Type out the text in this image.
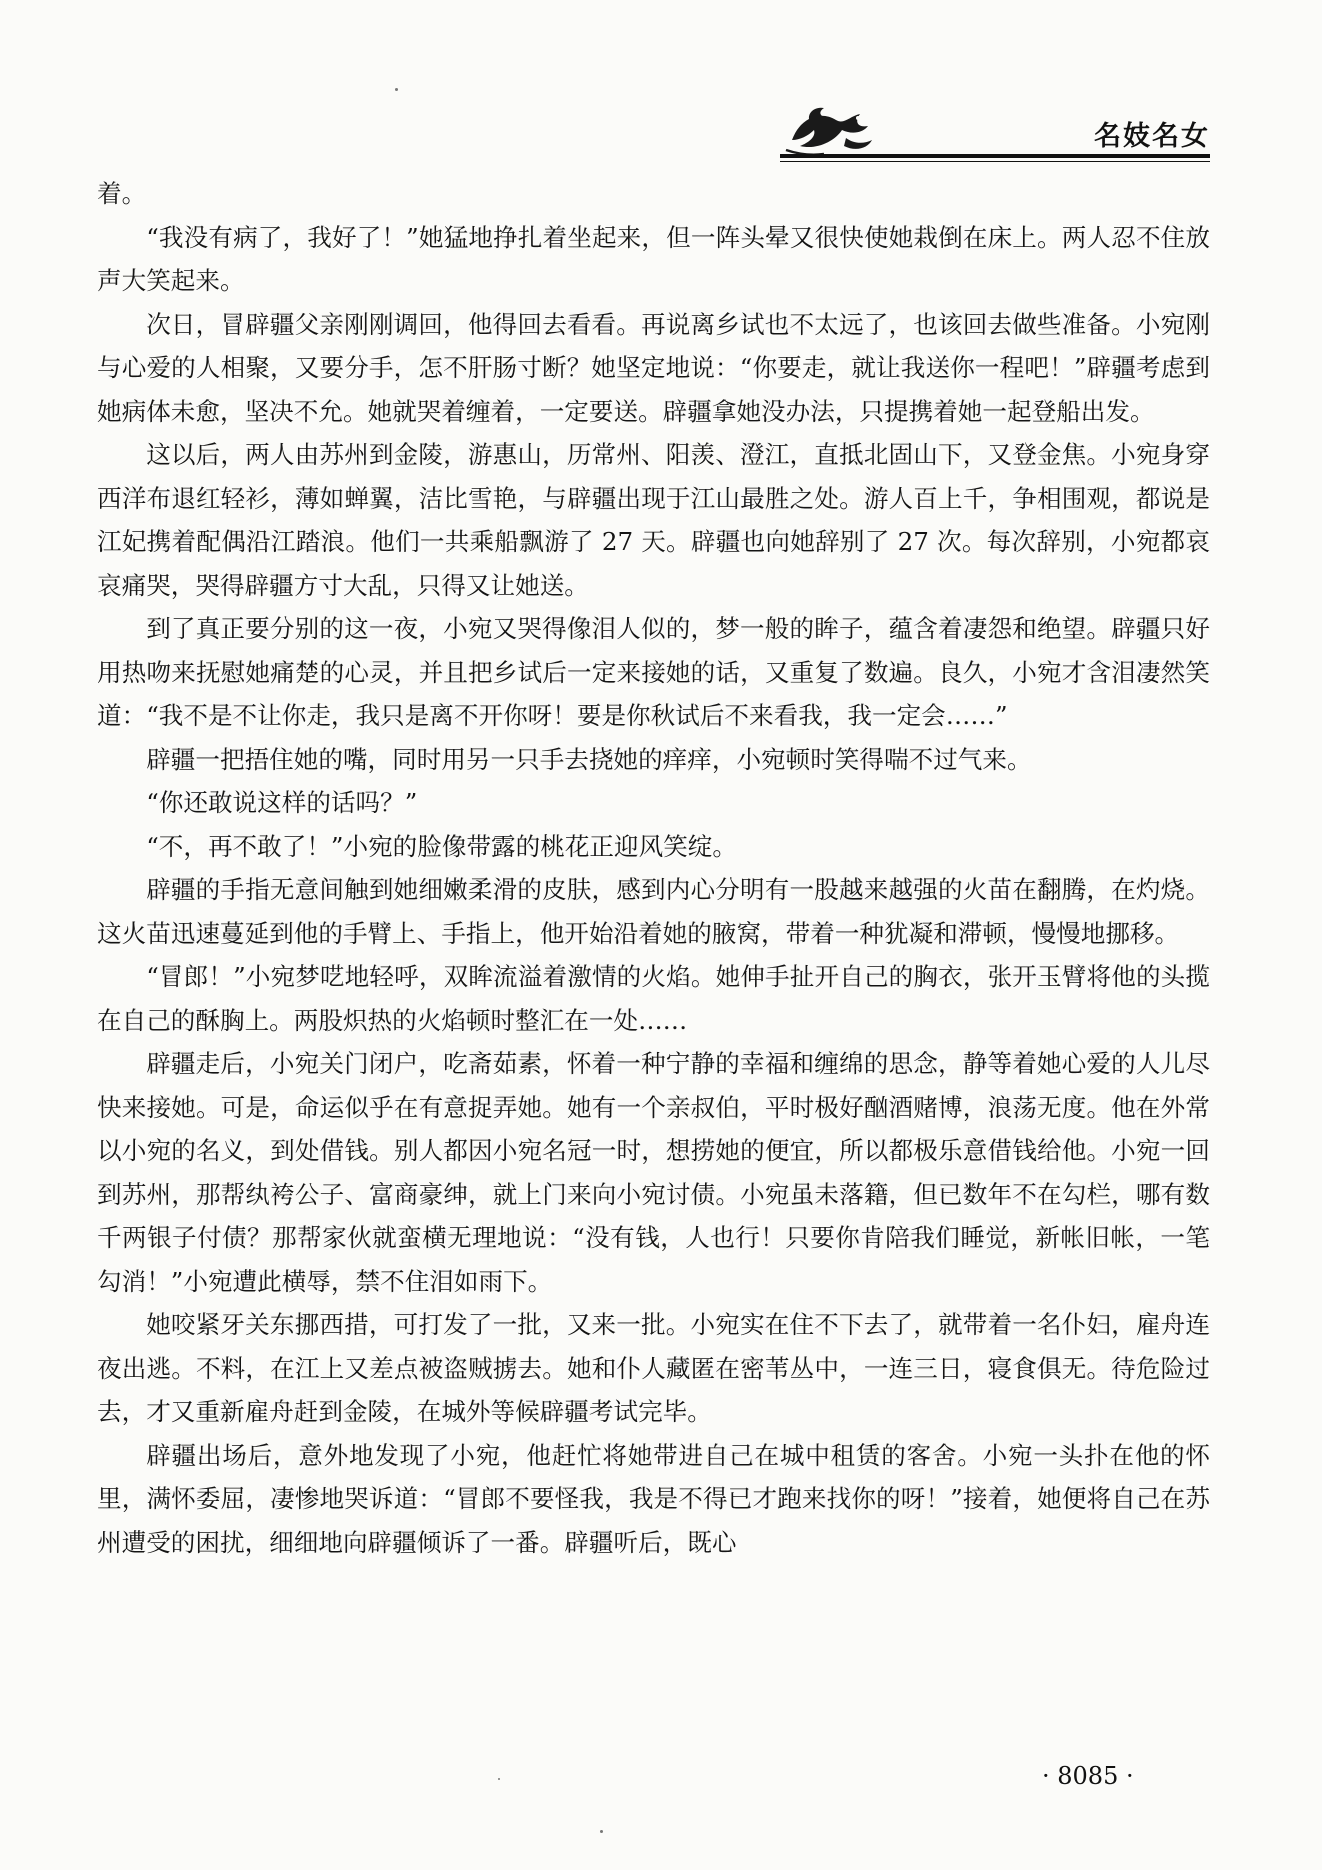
名妓名女

着。

“我没有病了，我好了！”她猛地挣扎着坐起来，但一阵头晕又很快使她栽倒在床上。两人忍不住放声大笑起来。

次日，冒辟疆父亲刚刚调回，他得回去看看。再说离乡试也不太远了，也该回去做些准备。小宛刚与心爱的人相聚，又要分手，怎不肝肠寸断？她坚定地说：“你要走，就让我送你一程吧！”辟疆考虑到她病体未愈，坚决不允。她就哭着缠着，一定要送。辟疆拿她没办法，只提携着她一起登船出发。

这以后，两人由苏州到金陵，游惠山，历常州、阳羡、澄江，直抵北固山下，又登金焦。小宛身穿西洋布退红轻衫，薄如蝉翼，洁比雪艳，与辟疆出现于江山最胜之处。游人百上千，争相围观，都说是江妃携着配偶沿江踏浪。他们一共乘船飘游了 27 天。辟疆也向她辞别了 27 次。每次辞别，小宛都哀哀痛哭，哭得辟疆方寸大乱，只得又让她送。

到了真正要分别的这一夜，小宛又哭得像泪人似的，梦一般的眸子，蕴含着凄怨和绝望。辟疆只好用热吻来抚慰她痛楚的心灵，并且把乡试后一定来接她的话，又重复了数遍。良久，小宛才含泪凄然笑道：“我不是不让你走，我只是离不开你呀！要是你秋试后不来看我，我一定会……”

辟疆一把捂住她的嘴，同时用另一只手去挠她的痒痒，小宛顿时笑得喘不过气来。

“你还敢说这样的话吗？”

“不，再不敢了！”小宛的脸像带露的桃花正迎风笑绽。

辟疆的手指无意间触到她细嫩柔滑的皮肤，感到内心分明有一股越来越强的火苗在翻腾，在灼烧。这火苗迅速蔓延到他的手臂上、手指上，他开始沿着她的腋窝，带着一种犹凝和滞顿，慢慢地挪移。

“冒郎！”小宛梦呓地轻呼，双眸流溢着激情的火焰。她伸手扯开自己的胸衣，张开玉臂将他的头揽在自己的酥胸上。两股炽热的火焰顿时整汇在一处……

辟疆走后，小宛关门闭户，吃斋茹素，怀着一种宁静的幸福和缠绵的思念，静等着她心爱的人儿尽快来接她。可是，命运似乎在有意捉弄她。她有一个亲叔伯，平时极好酗酒赌博，浪荡无度。他在外常以小宛的名义，到处借钱。别人都因小宛名冠一时，想捞她的便宜，所以都极乐意借钱给他。小宛一回到苏州，那帮纨袴公子、富商豪绅，就上门来向小宛讨债。小宛虽未落籍，但已数年不在勾栏，哪有数千两银子付债？那帮家伙就蛮横无理地说：“没有钱，人也行！只要你肯陪我们睡觉，新帐旧帐，一笔勾消！”小宛遭此横辱，禁不住泪如雨下。

她咬紧牙关东挪西措，可打发了一批，又来一批。小宛实在住不下去了，就带着一名仆妇，雇舟连夜出逃。不料，在江上又差点被盗贼掳去。她和仆人藏匿在密苇丛中，一连三日，寝食俱无。待危险过去，才又重新雇舟赶到金陵，在城外等候辟疆考试完毕。

辟疆出场后，意外地发现了小宛，他赶忙将她带进自己在城中租赁的客舍。小宛一头扑在他的怀里，满怀委屈，凄惨地哭诉道：“冒郎不要怪我，我是不得已才跑来找你的呀！”接着，她便将自己在苏州遭受的困扰，细细地向辟疆倾诉了一番。辟疆听后，既心

· 8085 ·
